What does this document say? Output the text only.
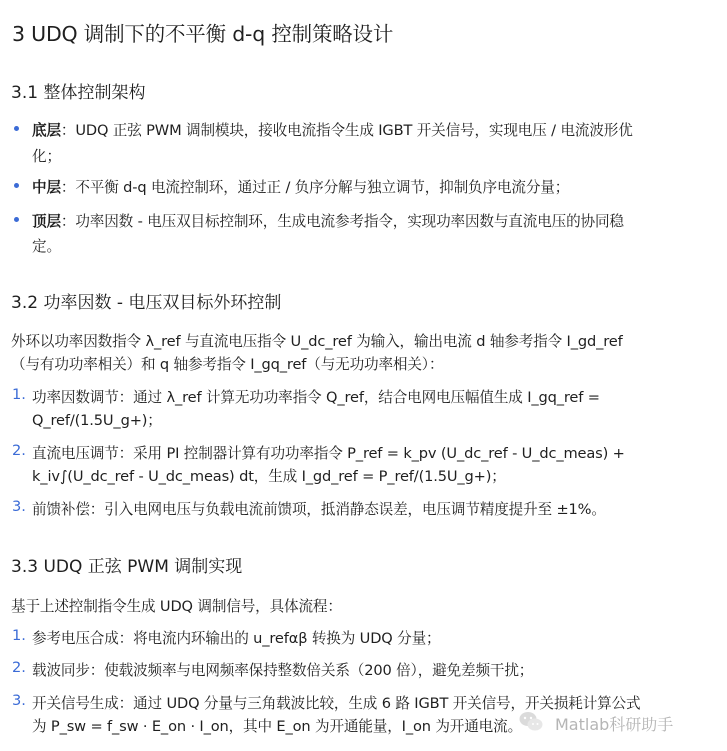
3 UDQ 调制下的不平衡 d-q 控制策略设计
3.1 整体控制架构
底层：UDQ 正弦 PWM 调制模块，接收电流指令生成 IGBT 开关信号，实现电压 / 电流波形优
化；
中层：不平衡 d-q 电流控制环，通过正 / 负序分解与独立调节，抑制负序电流分量；
顶层：功率因数 - 电压双目标控制环，生成电流参考指令，实现功率因数与直流电压的协同稳
定。
3.2 功率因数 - 电压双目标外环控制
外环以功率因数指令 λ_ref 与直流电压指令 U_dc_ref 为输入，输出电流 d 轴参考指令 I_gd_ref
（与有功功率相关）和 q 轴参考指令 I_gq_ref（与无功功率相关）：
1. 功率因数调节：通过 λ_ref 计算无功功率指令 Q_ref，结合电网电压幅值生成 I_gq_ref =
Q_ref/(1.5U_g+)；
2. 直流电压调节：采用 PI 控制器计算有功功率指令 P_ref = k_pv (U_dc_ref - U_dc_meas) +
k_iv∫(U_dc_ref - U_dc_meas) dt，生成 I_gd_ref = P_ref/(1.5U_g+)；
3. 前馈补偿：引入电网电压与负载电流前馈项，抵消静态误差，电压调节精度提升至 ±1%。
3.3 UDQ 正弦 PWM 调制实现
基于上述控制指令生成 UDQ 调制信号，具体流程：
1. 参考电压合成：将电流内环输出的 u_refαβ 转换为 UDQ 分量；
2. 载波同步：使载波频率与电网频率保持整数倍关系（200 倍），避免差频干扰；
3. 开关信号生成：通过 UDQ 分量与三角载波比较，生成 6 路 IGBT 开关信号，开关损耗计算公式
为 P_sw = f_sw · E_on · I_on，其中 E_on 为开通能量，I_on 为开通电流。 Matlab科研助手
